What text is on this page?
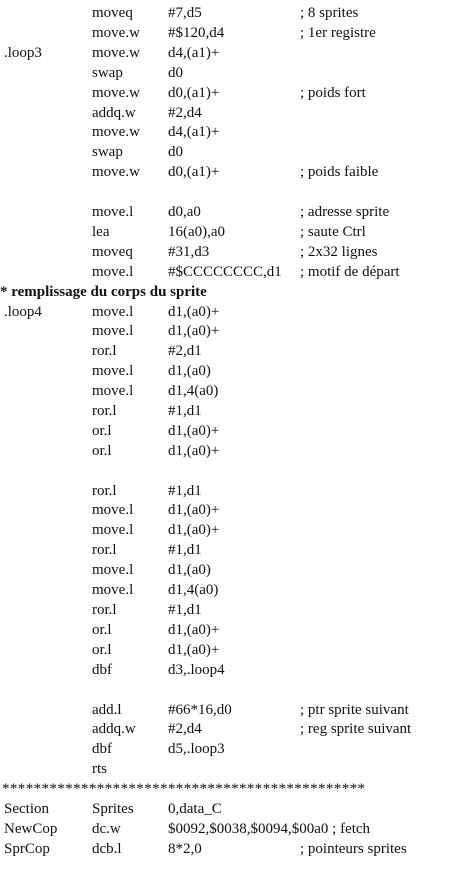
moveq #7,d5	; 8 sprites
move.w #$120,d4	; 1er registre
.loop3	move.w d4,(a1)+
swap	d0
move.w d0,(a1)+	; poids fort
addq.w #2,d4
move.w d4,(a1)+
swap	d0
move.w d0,(a1)+	; poids faible
move.l d0,a0	; adresse sprite
lea	16(a0),a0	; saute Ctrl
moveq #31,d3	; 2x32 lignes
move.l #$CCCCCCCC,d1 ; motif de départ
* remplissage du corps du sprite
.loop4	move.l d1,(a0)+
move.l d1,(a0)+
ror.l	#2,d1
move.l d1,(a0)
move.l d1,4(a0)
ror.l	#1,d1
or.l	d1,(a0)+
or.l	d1,(a0)+
ror.l	#1,d1
move.l d1,(a0)+
move.l d1,(a0)+
ror.l	#1,d1
move.l d1,(a0)
move.l d1,4(a0)
ror.l	#1,d1
or.l	d1,(a0)+
or.l	d1,(a0)+
dbf	d3,.loop4
add.l	#66*16,d0	; ptr sprite suivant
addq.w #2,d4	; reg sprite suivant
dbf	d5,.loop3
rts
**********************************************
Section	Sprites 0,data_C
NewCop dc.w	$0092,$0038,$0094,$00a0 ; fetch
SprCop	dcb.l	8*2,0	; pointeurs sprites
